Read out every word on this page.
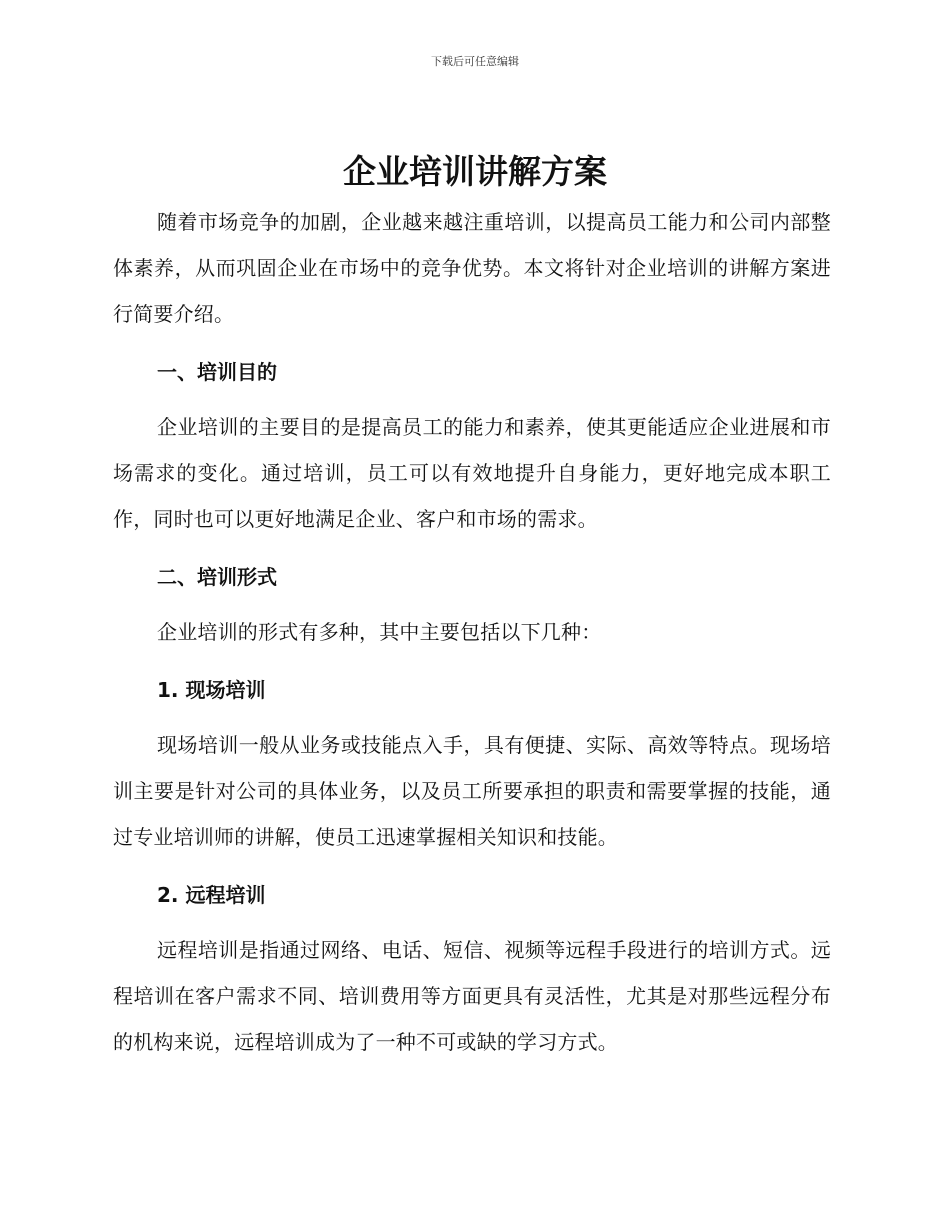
下载后可任意编辑
企业培训讲解方案

随着市场竞争的加剧，企业越来越注重培训，以提高员工能力和公司内部整体素养，从而巩固企业在市场中的竞争优势。本文将针对企业培训的讲解方案进行简要介绍。

一、培训目的

企业培训的主要目的是提高员工的能力和素养，使其更能适应企业进展和市场需求的变化。通过培训，员工可以有效地提升自身能力，更好地完成本职工作，同时也可以更好地满足企业、客户和市场的需求。

二、培训形式

企业培训的形式有多种，其中主要包括以下几种：

1. 现场培训

现场培训一般从业务或技能点入手，具有便捷、实际、高效等特点。现场培训主要是针对公司的具体业务，以及员工所要承担的职责和需要掌握的技能，通过专业培训师的讲解，使员工迅速掌握相关知识和技能。

2. 远程培训

远程培训是指通过网络、电话、短信、视频等远程手段进行的培训方式。远程培训在客户需求不同、培训费用等方面更具有灵活性，尤其是对那些远程分布的机构来说，远程培训成为了一种不可或缺的学习方式。
